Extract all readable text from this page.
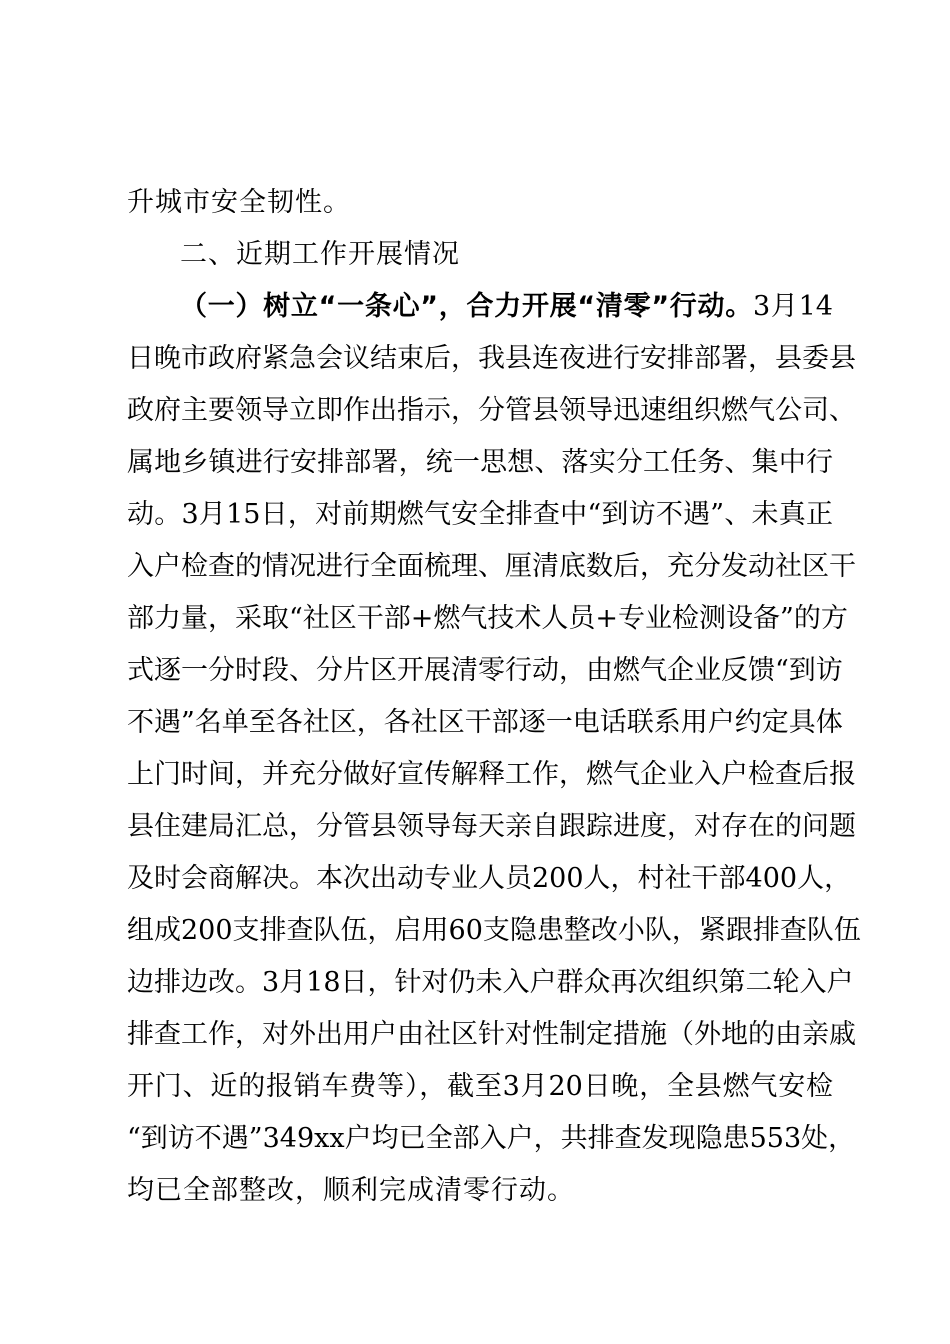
升城市安全韧性。
二、近期工作开展情况
（一）树立“一条心”，合力开展“清零”行动。3月14
日晚市政府紧急会议结束后，我县连夜进行安排部署，县委县
政府主要领导立即作出指示，分管县领导迅速组织燃气公司、
属地乡镇进行安排部署，统一思想、落实分工任务、集中行
动。3月15日，对前期燃气安全排查中“到访不遇”、未真正
入户检查的情况进行全面梳理、厘清底数后，充分发动社区干
部力量，采取“社区干部+燃气技术人员+专业检测设备”的方
式逐一分时段、分片区开展清零行动，由燃气企业反馈“到访
不遇”名单至各社区，各社区干部逐一电话联系用户约定具体
上门时间，并充分做好宣传解释工作，燃气企业入户检查后报
县住建局汇总，分管县领导每天亲自跟踪进度，对存在的问题
及时会商解决。本次出动专业人员200人，村社干部400人，
组成200支排查队伍，启用60支隐患整改小队，紧跟排查队伍
边排边改。3月18日，针对仍未入户群众再次组织第二轮入户
排查工作，对外出用户由社区针对性制定措施（外地的由亲戚
开门、近的报销车费等），截至3月20日晚，全县燃气安检
“到访不遇”349xx户均已全部入户，共排查发现隐患553处，
均已全部整改，顺利完成清零行动。
